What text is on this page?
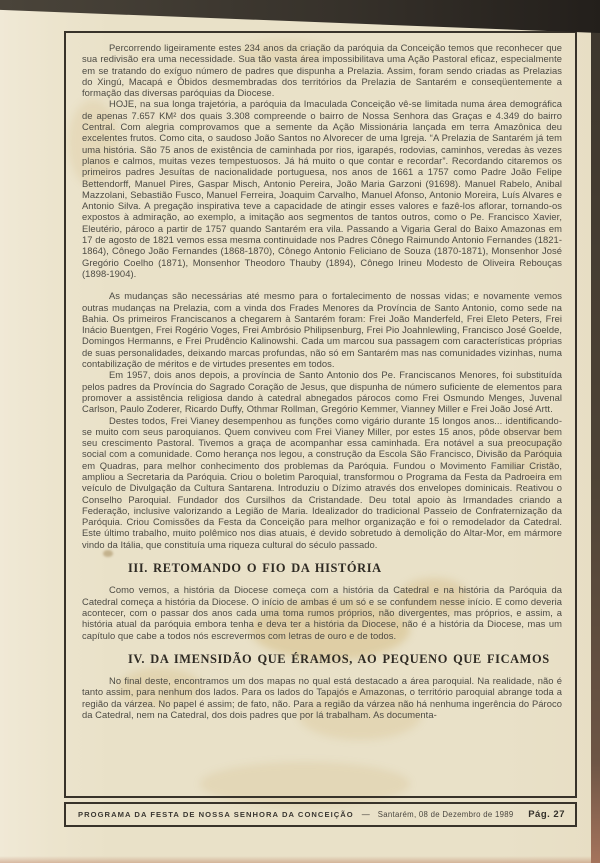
Percorrendo ligeiramente estes 234 anos da criação da paróquia da Conceição temos que reconhecer que sua redivisão era uma necessidade. Sua tão vasta área impossibilitava uma Ação Pastoral eficaz, especialmente em se tratando do exíguo número de padres que dispunha a Prelazia. Assim, foram sendo criadas as Prelazias do Xingú, Macapá e Óbidos desmembradas dos territórios da Prelazia de Santarém e conseqüentemente a formação das diversas paróquias da Diocese.

HOJE, na sua longa trajetória, a paróquia da Imaculada Conceição vê-se limitada numa área demográfica de apenas 7.657 KM² dos quais 3.308 compreende o bairro de Nossa Senhora das Graças e 4.349 do bairro Central. Com alegria comprovamos que a semente da Ação Missionária lançada em terra Amazônica deu excelentes frutos. Como cita, o saudoso João Santos no Alvorecer de uma Igreja. “A Prelazia de Santarém já tem uma história. São 75 anos de existência de caminhada por rios, igarapés, rodovias, caminhos, veredas às vezes planos e calmos, muitas vezes tempestuosos. Já há muito o que contar e recordar”. Recordando citaremos os primeiros padres Jesuítas de nacionalidade portuguesa, nos anos de 1661 a 1757 como Padre João Felipe Bettendorff, Manuel Pires, Gaspar Misch, Antonio Pereira, João Maria Garzoni (91698). Manuel Rabelo, Anibal Mazzolani, Sebastião Fusco, Manuel Ferreira, Joaquim Carvalho, Manuel Afonso, Antonio Moreira, Luís Alvares e Antonio Silva. A pregação inspirativa teve a capacidade de atingir esses valores e fazê-los aflorar, tornando-os expostos à admiração, ao exemplo, a imitação aos segmentos de tantos outros, como o Pe. Francisco Xavier, Eleutério, pároco a partir de 1757 quando Santarém era vila. Passando a Vigaria Geral do Baixo Amazonas em 17 de agosto de 1821 vemos essa mesma continuidade nos Padres Cônego Raimundo Antonio Fernandes (1821-1864), Cônego João Fernandes (1868-1870), Cônego Antonio Feliciano de Souza (1870-1871), Monsenhor José Gregório Coelho (1871), Monsenhor Theodoro Thauby (1894), Cônego Irineu Modesto de Oliveira Rebouças (1898-1904).

As mudanças são necessárias até mesmo para o fortalecimento de nossas vidas; e novamente vemos outras mudanças na Prelazia, com a vinda dos Frades Menores da Província de Santo Antonio, como sede na Bahia. Os primeiros Franciscanos a chegarem à Santarém foram: Frei João Manderfeld, Frei Eleto Peters, Frei Inácio Buentgen, Frei Rogério Voges, Frei Ambrósio Philipsenburg, Frei Pio Joahnlewling, Francisco José Goelde, Domingos Hermanns, e Frei Prudêncio Kalinowshi. Cada um marcou sua passagem com características próprias de suas personalidades, deixando marcas profundas, não só em Santarém mas nas comunidades vizinhas, numa contabilização de méritos e de virtudes presentes em todos.

Em 1957, dois anos depois, a província de Santo Antonio dos Pe. Franciscanos Menores, foi substituída pelos padres da Província do Sagrado Coração de Jesus, que dispunha de número suficiente de elementos para promover a assistência religiosa dando à catedral abnegados párocos como Frei Osmundo Menges, Juvenal Carlson, Paulo Zoderer, Ricardo Duffy, Othmar Rollman, Gregório Kemmer, Vianney Miller e Frei João José Artt.

Destes todos, Frei Vianey desempenhou as funções como vigário durante 15 longos anos... identificando-se muito com seus paroquianos. Quem conviveu com Frei Vianey Miller, por estes 15 anos, pôde observar bem seu crescimento Pastoral. Tivemos a graça de acompanhar essa caminhada. Era notável a sua preocupação social com a comunidade. Como herança nos legou, a construção da Escola São Francisco, Divisão da Paróquia em Quadras, para melhor conhecimento dos problemas da Paróquia. Fundou o Movimento Familiar Cristão, ampliou a Secretaria da Paróquia. Criou o boletim Paroquial, transformou o Programa da Festa da Padroeira em veículo de Divulgação da Cultura Santarena. Introduziu o Dízimo através dos envelopes dominicais. Reativou o Conselho Paroquial. Fundador dos Cursilhos da Cristandade. Deu total apoio às Irmandades criando a Federação, inclusive valorizando a Legião de Maria. Idealizador do tradicional Passeio de Confraternização da Paróquia. Criou Comissões da Festa da Conceição para melhor organização e foi o remodelador da Catedral. Este último trabalho, muito polêmico nos dias atuais, é devido sobretudo à demolição do Altar-Mor, em mármore vindo da Itália, que constituía uma riqueza cultural do século passado.

III. RETOMANDO O FIO DA HISTÓRIA

Como vemos, a história da Diocese começa com a história da Catedral e na história da Paróquia da Catedral começa a história da Diocese. O início de ambas é um só e se confundem nesse início. E como deveria acontecer, com o passar dos anos cada uma toma rumos próprios, não divergentes, mas próprios, e assim, a história atual da paróquia embora tenha e deva ter a história da Diocese, não é a história da Diocese, mas um capítulo que cabe a todos nós escrevermos com letras de ouro e de todos.

IV. DA IMENSIDÃO QUE ÉRAMOS, AO PEQUENO QUE FICAMOS

No final deste, encontramos um dos mapas no qual está destacado a área paroquial. Na realidade, não é tanto assim, para nenhum dos lados. Para os lados do Tapajós e Amazonas, o território paroquial abrange toda a região da várzea. No papel é assim; de fato, não. Para a região da várzea não há nenhuma ingerência do Pároco da Catedral, nem na Catedral, dos dois padres que por lá trabalham. As documenta-

PROGRAMA DA FESTA DE NOSSA SENHORA DA CONCEIÇÃO — Santarém, 08 de Dezembro de 1989 Pág. 27
